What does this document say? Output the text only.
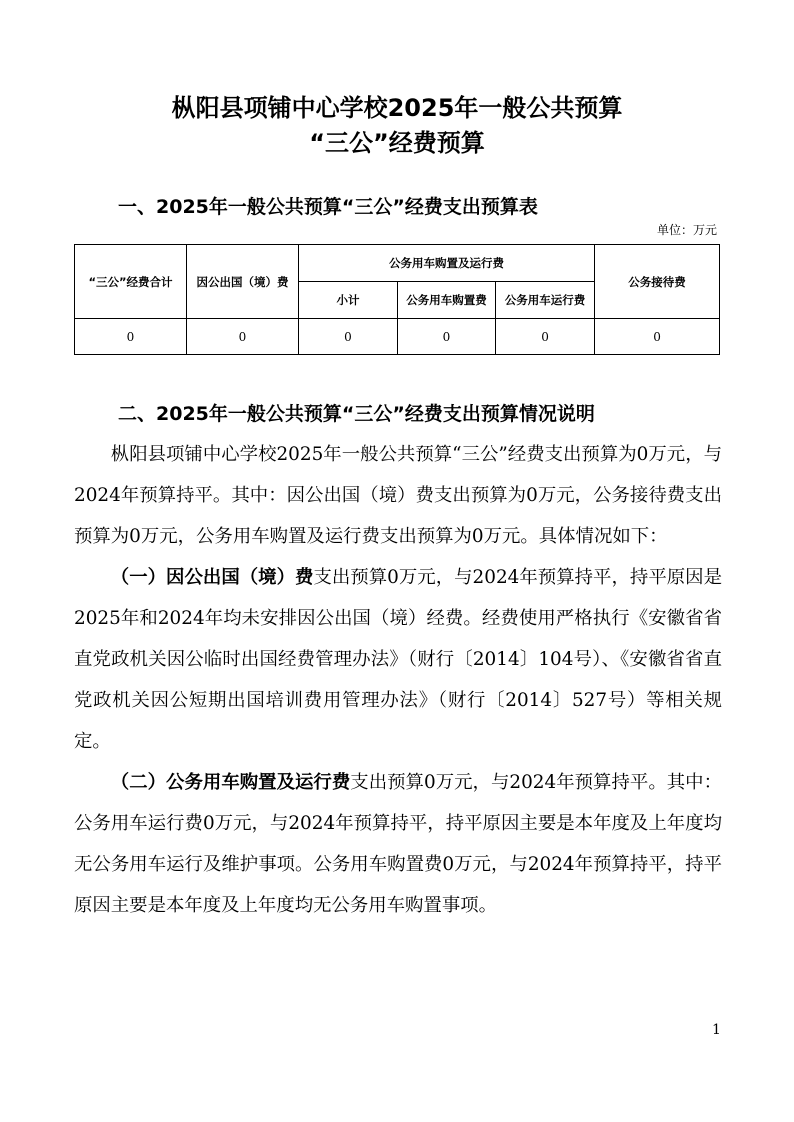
枞阳县项铺中心学校2025年一般公共预算
“三公”经费预算
一、2025年一般公共预算“三公”经费支出预算表
单位：万元
“三公”经费合计	因公出国（境）费	公务用车购置及运行费			公务接待费
		小计	公务用车购置费	公务用车运行费	
0	0	0	0	0	0
二、2025年一般公共预算“三公”经费支出预算情况说明

枞阳县项铺中心学校2025年一般公共预算“三公”经费支出预算为0万元，与2024年预算持平。其中：因公出国（境）费支出预算为0万元，公务接待费支出预算为0万元，公务用车购置及运行费支出预算为0万元。具体情况如下：

（一）因公出国（境）费支出预算0万元，与2024年预算持平，持平原因是2025年和2024年均未安排因公出国（境）经费。经费使用严格执行《安徽省省直党政机关因公临时出国经费管理办法》（财行〔2014〕104号）、《安徽省省直党政机关因公短期出国培训费用管理办法》（财行〔2014〕527号）等相关规定。

（二）公务用车购置及运行费支出预算0万元，与2024年预算持平。其中：公务用车运行费0万元，与2024年预算持平，持平原因主要是本年度及上年度均无公务用车运行及维护事项。公务用车购置费0万元，与2024年预算持平，持平原因主要是本年度及上年度均无公务用车购置事项。

1
